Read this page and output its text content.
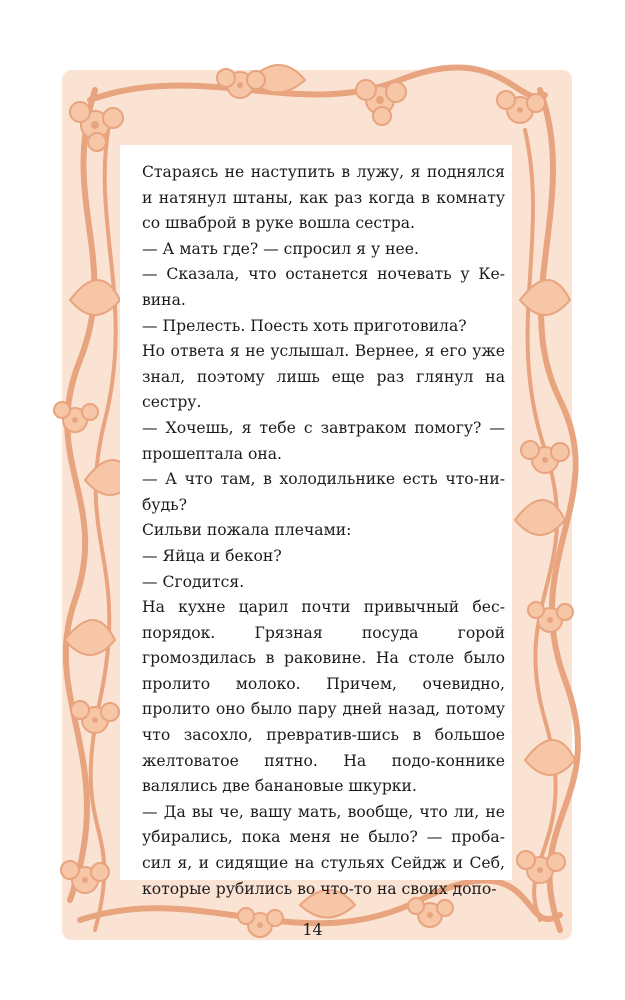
Стараясь не наступить в лужу, я поднялся и натянул штаны, как раз когда в комнату со шваброй в руке вошла сестра.

— А мать где? — спросил я у нее.

— Сказала, что останется ночевать у Ке-вина.

— Прелесть. Поесть хоть приготовила?

Но ответа я не услышал. Вернее, я его уже знал, поэтому лишь еще раз глянул на сестру.

— Хочешь, я тебе с завтраком помогу? — прошептала она.

— А что там, в холодильнике есть что-ни-будь?

Сильви пожала плечами:

— Яйца и бекон?

— Сгодится.

На кухне царил почти привычный бес-порядок. Грязная посуда горой громоздилась в раковине. На столе было пролито молоко. Причем, очевидно, пролито оно было пару дней назад, потому что засохло, превратив-шись в большое желтоватое пятно. На подо-коннике валялись две банановые шкурки.

— Да вы че, вашу мать, вообще, что ли, не убирались, пока меня не было? — проба-сил я, и сидящие на стульях Сейдж и Себ, которые рубились во что-то на своих допо-

14
